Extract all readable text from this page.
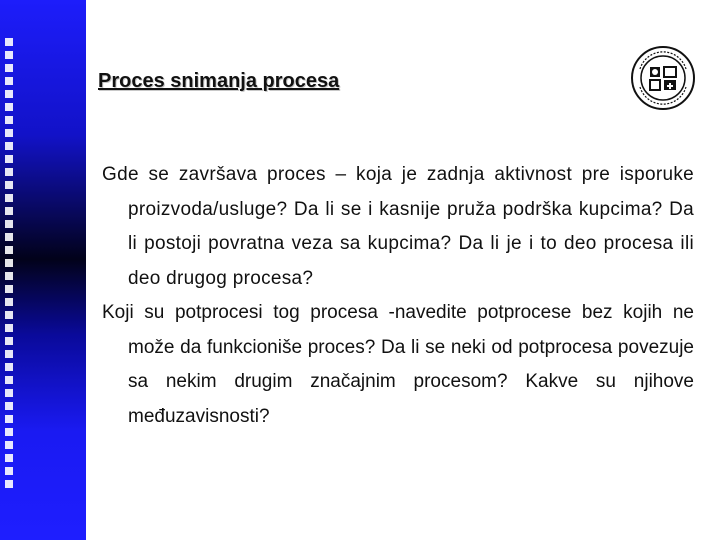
Proces snimanja procesa

Gde se završava proces – koja je zadnja aktivnost pre isporuke proizvoda/usluge? Da li se i kasnije pruža podrška kupcima? Da li postoji povratna veza sa kupcima? Da li je i to deo procesa ili deo drugog procesa?

Koji su potprocesi tog procesa -navedite potprocese bez kojih ne može da funkcioniše proces? Da li se neki od potprocesa povezuje sa nekim drugim značajnim procesom? Kakve su njihove međuzavisnosti?
